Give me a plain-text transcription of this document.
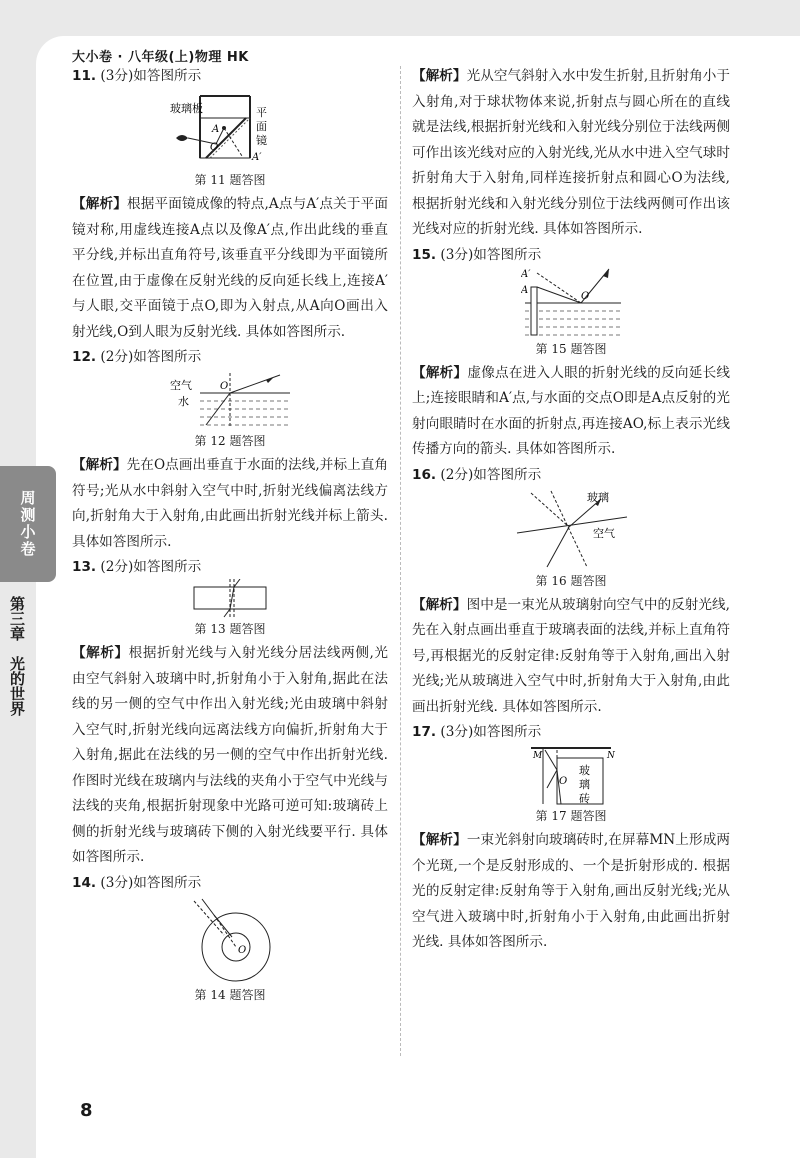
大小卷 · 八年级(上)物理 HK
周测小卷
第三章　光的世界
11. (3分)如答图所示
玻璃板
A
O
A′
平面镜
第 11 题答图

【解析】根据平面镜成像的特点,A点与A′点关于平面镜对称,用虚线连接A点以及像A′点,作出此线的垂直平分线,并标出直角符号,该垂直平分线即为平面镜所在位置,由于虚像在反射光线的反向延长线上,连接A′与人眼,交平面镜于点O,即为入射点,从A向O画出入射光线,O到人眼为反射光线. 具体如答图所示.

12. (2分)如答图所示
空气
水
O
第 12 题答图

【解析】先在O点画出垂直于水面的法线,并标上直角符号;光从水中斜射入空气中时,折射光线偏离法线方向,折射角大于入射角,由此画出折射光线并标上箭头. 具体如答图所示.

13. (2分)如答图所示
第 13 题答图

【解析】根据折射光线与入射光线分居法线两侧,光由空气斜射入玻璃中时,折射角小于入射角,据此在法线的另一侧的空气中作出入射光线;光由玻璃中斜射入空气时,折射光线向远离法线方向偏折,折射角大于入射角,据此在法线的另一侧的空气中作出折射光线. 作图时光线在玻璃内与法线的夹角小于空气中光线与法线的夹角,根据折射现象中光路可逆可知:玻璃砖上侧的折射光线与玻璃砖下侧的入射光线要平行. 具体如答图所示.

14. (3分)如答图所示
O
第 14 题答图

【解析】光从空气斜射入水中发生折射,且折射角小于入射角,对于球状物体来说,折射点与圆心所在的直线就是法线,根据折射光线和入射光线分别位于法线两侧可作出该光线对应的入射光线,光从水中进入空气球时折射角大于入射角,同样连接折射点和圆心O为法线,根据折射光线和入射光线分别位于法线两侧可作出该光线对应的折射光线. 具体如答图所示.

15. (3分)如答图所示
A′
A
O
第 15 题答图

【解析】虚像点在进入人眼的折射光线的反向延长线上;连接眼睛和A′点,与水面的交点O即是A点反射的光射向眼睛时在水面的折射点,再连接AO,标上表示光线传播方向的箭头. 具体如答图所示.

16. (2分)如答图所示
玻璃
空气
第 16 题答图

【解析】图中是一束光从玻璃射向空气中的反射光线,先在入射点画出垂直于玻璃表面的法线,并标上直角符号,再根据光的反射定律:反射角等于入射角,画出入射光线;光从玻璃进入空气中时,折射角大于入射角,由此画出折射光线. 具体如答图所示.

17. (3分)如答图所示
M	N
O
玻璃砖
第 17 题答图

【解析】一束光斜射向玻璃砖时,在屏幕MN上形成两个光斑,一个是反射形成的、一个是折射形成的. 根据光的反射定律:反射角等于入射角,画出反射光线;光从空气进入玻璃中时,折射角小于入射角,由此画出折射光线. 具体如答图所示.

8
